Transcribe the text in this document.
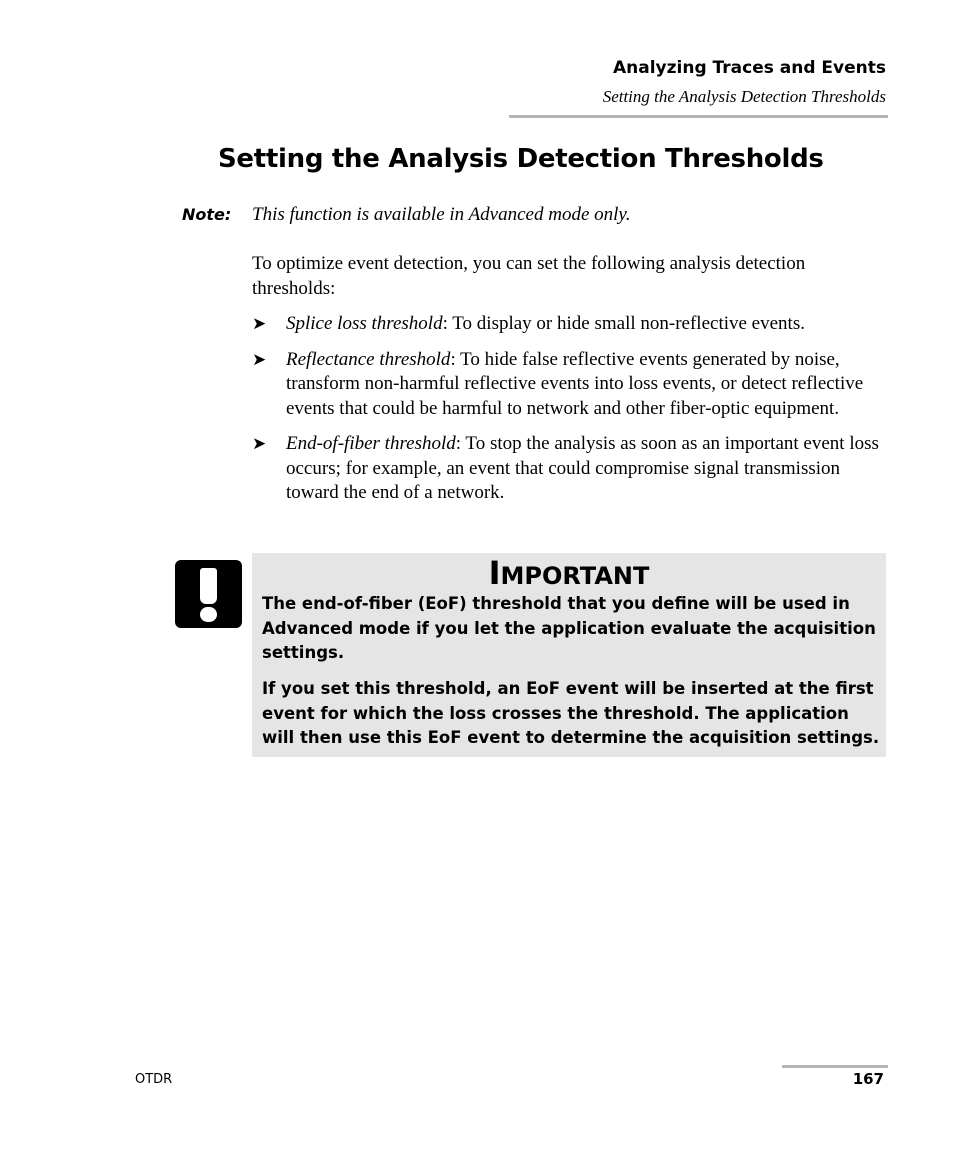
Analyzing Traces and Events
Setting the Analysis Detection Thresholds
Setting the Analysis Detection Thresholds
Note: This function is available in Advanced mode only.

To optimize event detection, you can set the following analysis detection thresholds:

➤ Splice loss threshold: To display or hide small non-reflective events.
➤ Reflectance threshold: To hide false reflective events generated by noise, transform non-harmful reflective events into loss events, or detect reflective events that could be harmful to network and other fiber-optic equipment.
➤ End-of-fiber threshold: To stop the analysis as soon as an important event loss occurs; for example, an event that could compromise signal transmission toward the end of a network.
IMPORTANT

The end-of-fiber (EoF) threshold that you define will be used in Advanced mode if you let the application evaluate the acquisition settings.

If you set this threshold, an EoF event will be inserted at the first event for which the loss crosses the threshold. The application will then use this EoF event to determine the acquisition settings.

OTDR	167
